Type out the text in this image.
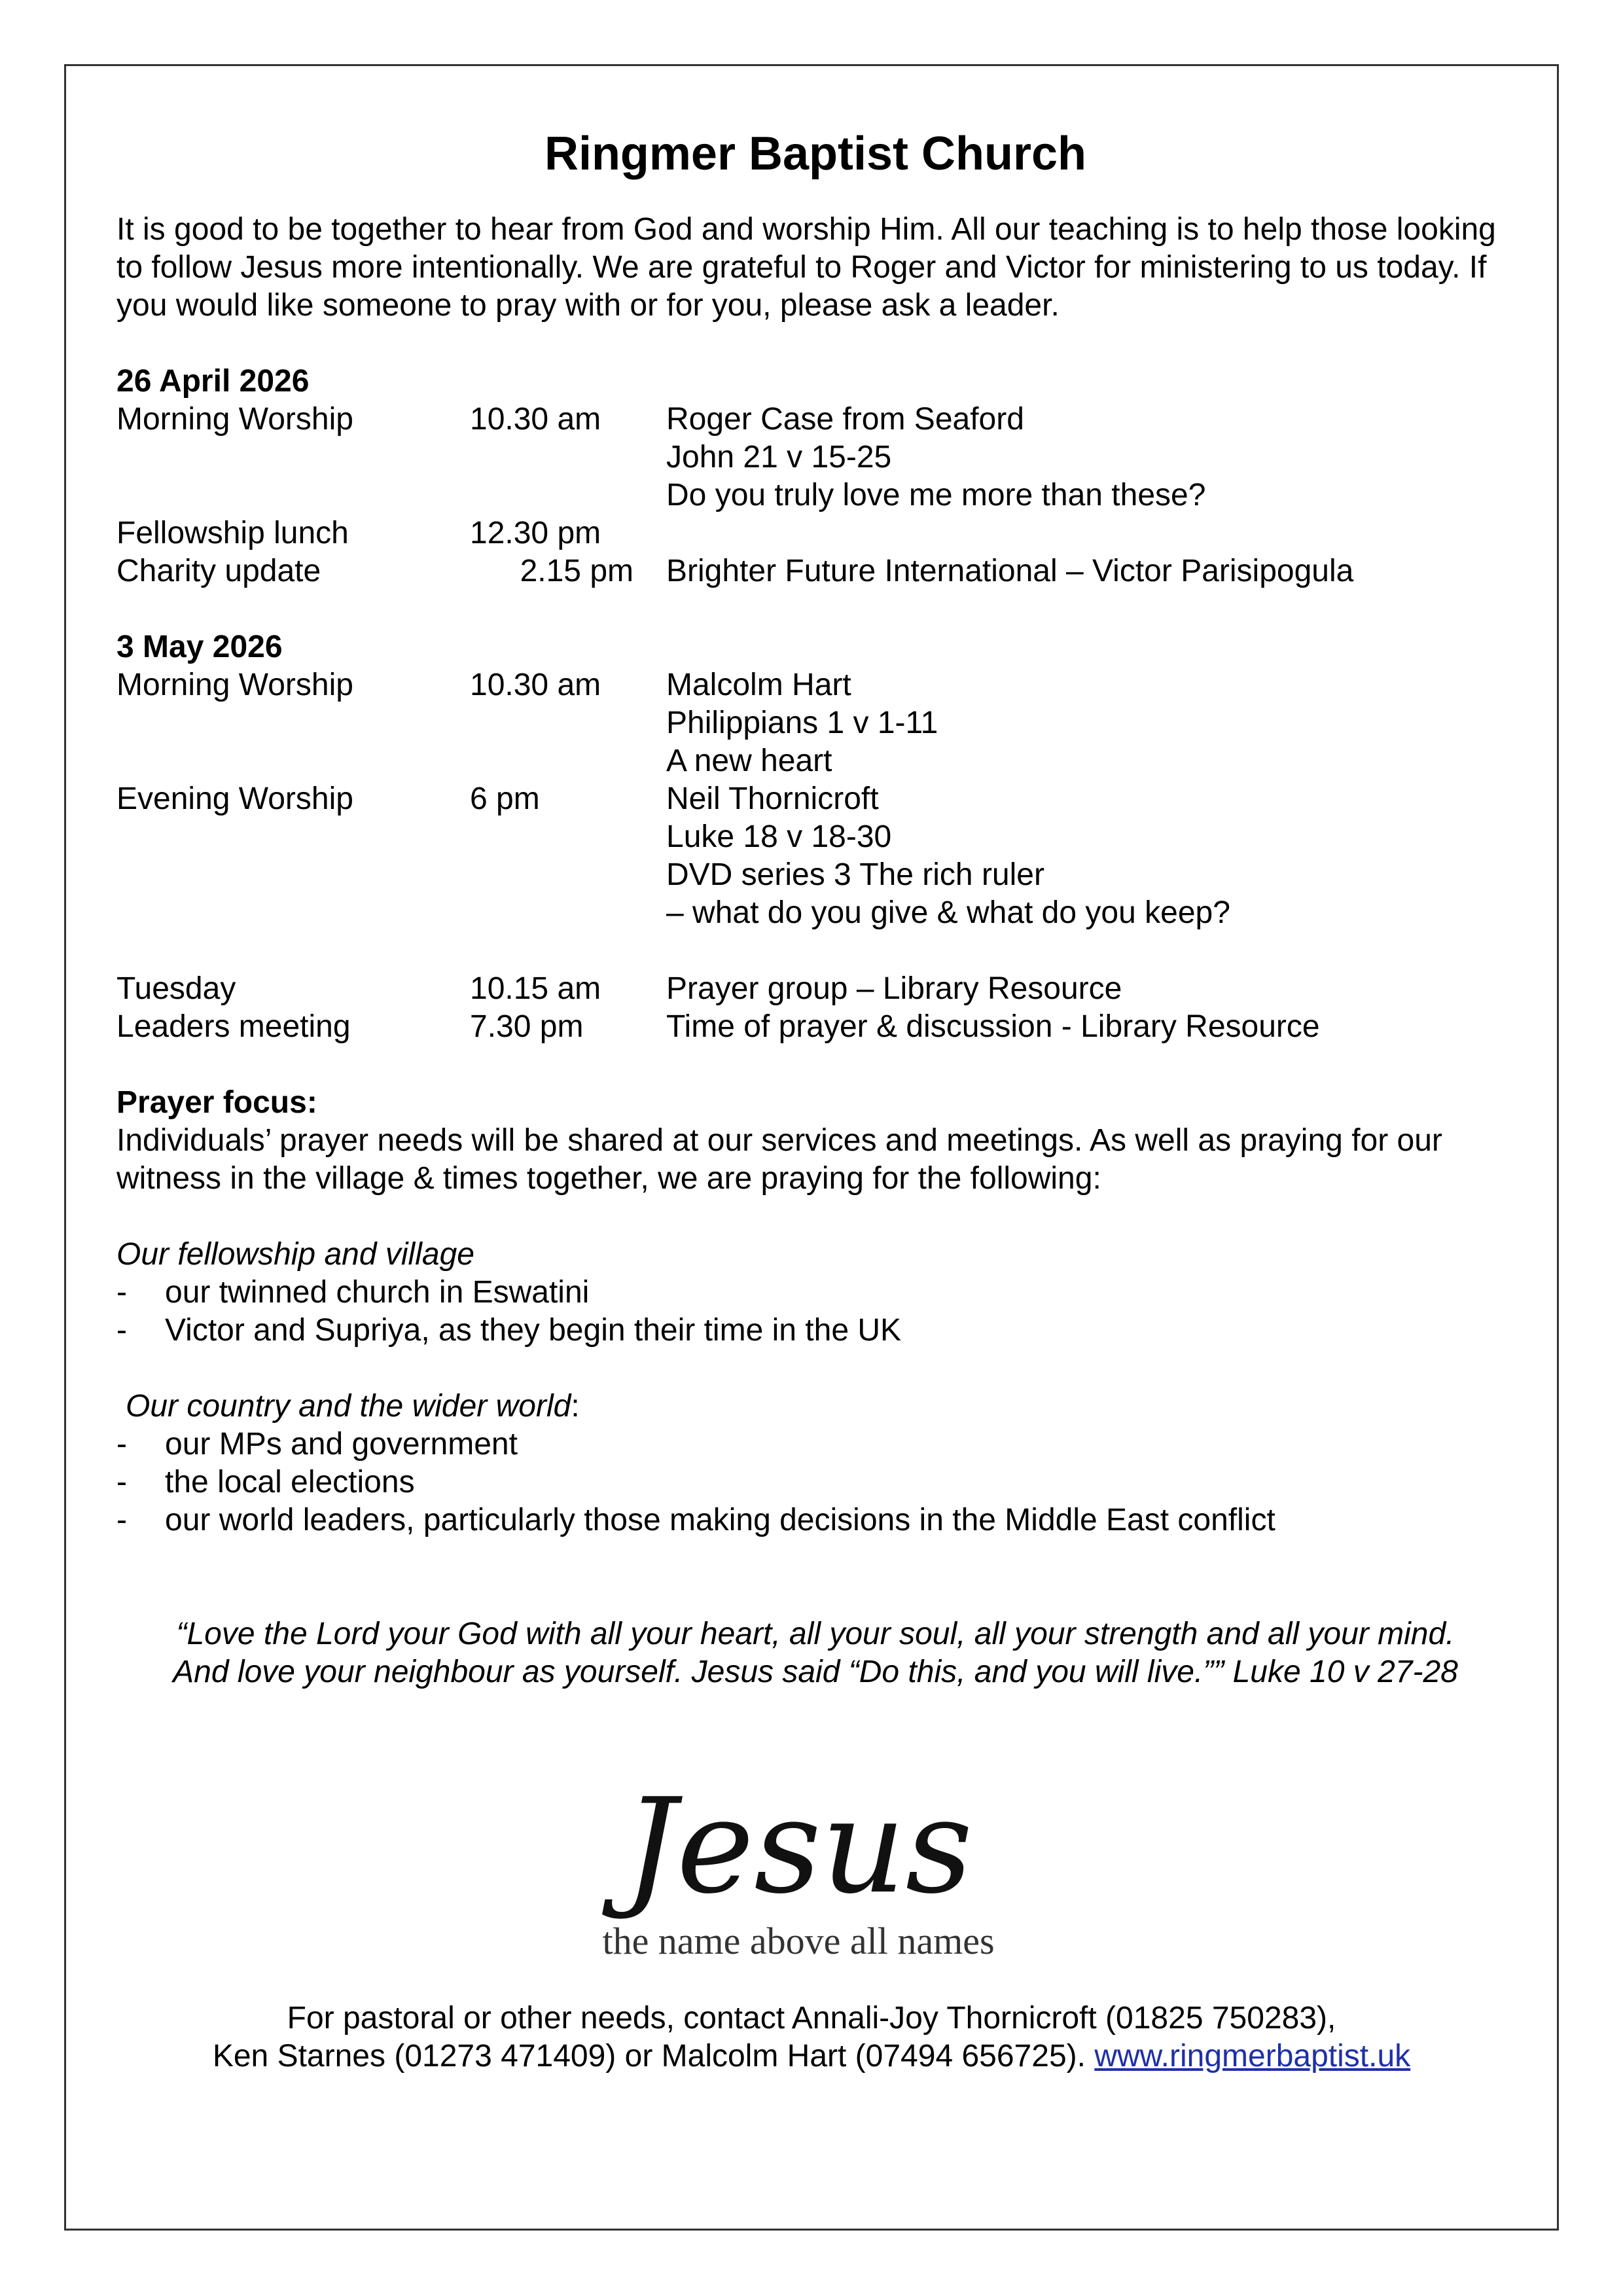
Ringmer Baptist Church

It is good to be together to hear from God and worship Him. All our teaching is to help those looking to follow Jesus more intentionally. We are grateful to Roger and Victor for ministering to us today. If you would like someone to pray with or for you, please ask a leader.

26 April 2026
Morning Worship	10.30 am	Roger Case from Seaford
John 21 v 15-25
Do you truly love me more than these?
Fellowship lunch	12.30 pm
Charity update	2.15 pm	Brighter Future International – Victor Parisipogula
3 May 2026
Morning Worship	10.30 am	Malcolm Hart
Philippians 1 v 1-11
A new heart
Evening Worship	6 pm	Neil Thornicroft
Luke 18 v 18-30
DVD series 3 The rich ruler
– what do you give & what do you keep?
Tuesday	10.15 am	Prayer group – Library Resource
Leaders meeting	7.30 pm	Time of prayer & discussion - Library Resource
Prayer focus:

Individuals’ prayer needs will be shared at our services and meetings. As well as praying for our witness in the village & times together, we are praying for the following:

Our fellowship and village
-	our twinned church in Eswatini
-	Victor and Supriya, as they begin their time in the UK
Our country and the wider world :
-	our MPs and government
-	the local elections
-	our world leaders, particularly those making decisions in the Middle East conflict
“Love the Lord your God with all your heart, all your soul, all your strength and all your mind.
And love your neighbour as yourself. Jesus said “Do this, and you will live.”” Luke 10 v 27-28
Jesus
the name above all names
For pastoral or other needs, contact Annali-Joy Thornicroft (01825 750283),
Ken Starnes (01273 471409) or Malcolm Hart (07494 656725). www.ringmerbaptist.uk
